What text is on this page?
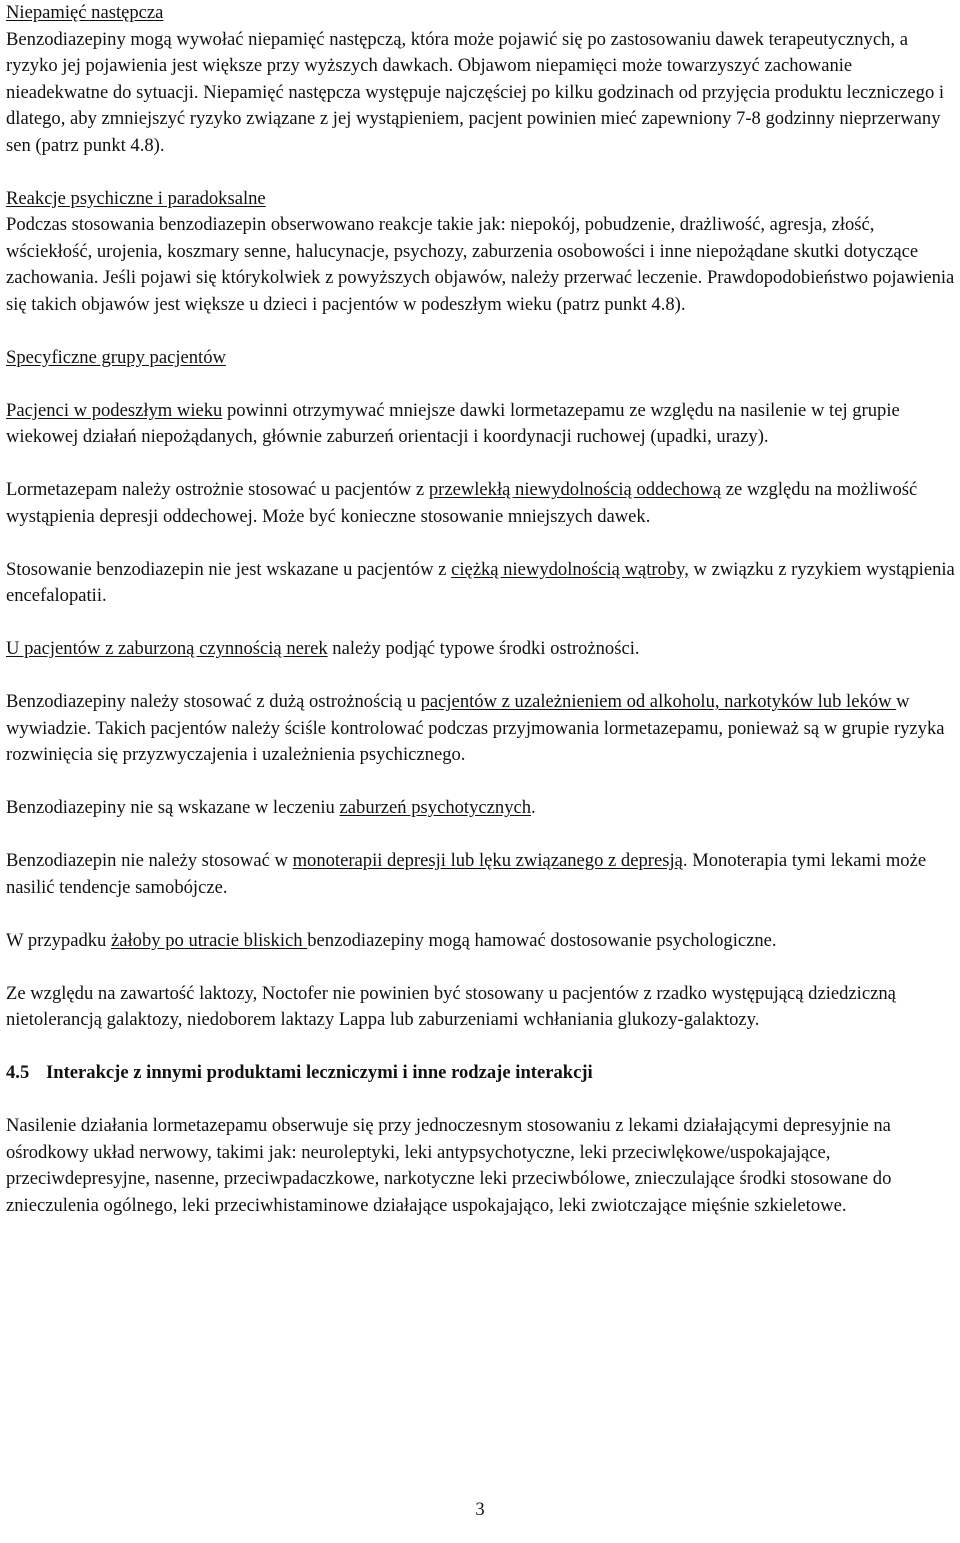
Niepamięć następcza

Benzodiazepiny mogą wywołać niepamięć następczą, która może pojawić się po zastosowaniu dawek terapeutycznych, a ryzyko jej pojawienia jest większe przy wyższych dawkach. Objawom niepamięci może towarzyszyć zachowanie nieadekwatne do sytuacji. Niepamięć następcza występuje najczęściej po kilku godzinach od przyjęcia produktu leczniczego i dlatego, aby zmniejszyć ryzyko związane z jej wystąpieniem, pacjent powinien mieć zapewniony 7-8 godzinny nieprzerwany sen (patrz punkt 4.8).

Reakcje psychiczne i paradoksalne

Podczas stosowania benzodiazepin obserwowano reakcje takie jak: niepokój, pobudzenie, drażliwość, agresja, złość, wściekłość, urojenia, koszmary senne, halucynacje, psychozy, zaburzenia osobowości i inne niepożądane skutki dotyczące zachowania. Jeśli pojawi się którykolwiek z powyższych objawów, należy przerwać leczenie. Prawdopodobieństwo pojawienia się takich objawów jest większe u dzieci i pacjentów w podeszłym wieku (patrz punkt 4.8).

Specyficzne grupy pacjentów

Pacjenci w podeszłym wieku powinni otrzymywać mniejsze dawki lormetazepamu ze względu na nasilenie w tej grupie wiekowej działań niepożądanych, głównie zaburzeń orientacji i koordynacji ruchowej (upadki, urazy).

Lormetazepam należy ostrożnie stosować u pacjentów z przewlekłą niewydolnością oddechową ze względu na możliwość wystąpienia depresji oddechowej. Może być konieczne stosowanie mniejszych dawek.

Stosowanie benzodiazepin nie jest wskazane u pacjentów z ciężką niewydolnością wątroby, w związku z ryzykiem wystąpienia encefalopatii.

U pacjentów z zaburzoną czynnością nerek należy podjąć typowe środki ostrożności.

Benzodiazepiny należy stosować z dużą ostrożnością u pacjentów z uzależnieniem od alkoholu, narkotyków lub leków w wywiadzie. Takich pacjentów należy ściśle kontrolować podczas przyjmowania lormetazepamu, ponieważ są w grupie ryzyka rozwinięcia się przyzwyczajenia i uzależnienia psychicznego.

Benzodiazepiny nie są wskazane w leczeniu zaburzeń psychotycznych.

Benzodiazepin nie należy stosować w monoterapii depresji lub lęku związanego z depresją. Monoterapia tymi lekami może nasilić tendencje samobójcze.

W przypadku żałoby po utracie bliskich benzodiazepiny mogą hamować dostosowanie psychologiczne.

Ze względu na zawartość laktozy, Noctofer nie powinien być stosowany u pacjentów z rzadko występującą dziedziczną nietolerancją galaktozy, niedoborem laktazy Lappa lub zaburzeniami wchłaniania glukozy-galaktozy.

4.5 Interakcje z innymi produktami leczniczymi i inne rodzaje interakcji

Nasilenie działania lormetazepamu obserwuje się przy jednoczesnym stosowaniu z lekami działającymi depresyjnie na ośrodkowy układ nerwowy, takimi jak: neuroleptyki, leki antypsychotyczne, leki przeciwlękowe/uspokajające, przeciwdepresyjne, nasenne, przeciwpadaczkowe, narkotyczne leki przeciwbólowe, znieczulające środki stosowane do znieczulenia ogólnego, leki przeciwhistaminowe działające uspokajająco, leki zwiotczające mięśnie szkieletowe.

3
